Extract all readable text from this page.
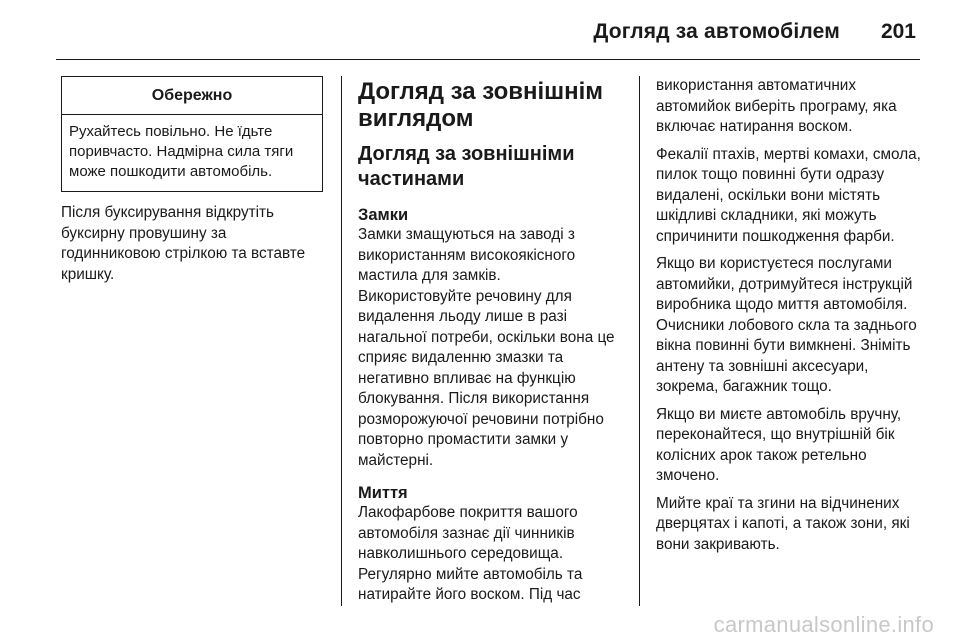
Догляд за автомобілем 201
Обережно
Рухайтесь повільно. Не їдьте поривчасто. Надмірна сила тяги може пошкодити автомобіль.

Після буксирування відкрутіть буксирну провушину за годинниковою стрілкою та вставте кришку.

Догляд за зовнішнім виглядом
Догляд за зовнішніми частинами
Замки

Замки змащуються на заводі з використанням високоякісного мастила для замків.

Використовуйте речовину для видалення льоду лише в разі нагальної потреби, оскільки вона це сприяє видаленню змазки та негативно впливає на функцію блокування. Після використання розморожуючої речовини потрібно повторно промастити замки у майстерні.

Миття

Лакофарбове покриття вашого автомобіля зазнає дії чинників навколишнього середовища. Регулярно мийте автомобіль та натирайте його воском. Під час

використання автоматичних автомийок виберіть програму, яка включає натирання воском.

Фекалії птахів, мертві комахи, смола, пилок тощо повинні бути одразу видалені, оскільки вони містять шкідливі складники, які можуть спричинити пошкодження фарби.

Якщо ви користуєтеся послугами автомийки, дотримуйтеся інструкцій виробника щодо миття автомобіля. Очисники лобового скла та заднього вікна повинні бути вимкнені. Зніміть антену та зовнішні аксесуари, зокрема, багажник тощо.

Якщо ви миєте автомобіль вручну, переконайтеся, що внутрішній бік колісних арок також ретельно змочено.

Мийте краї та згини на відчинених дверцятах і капоті, а також зони, які вони закривають.

carmanualsonline.info
